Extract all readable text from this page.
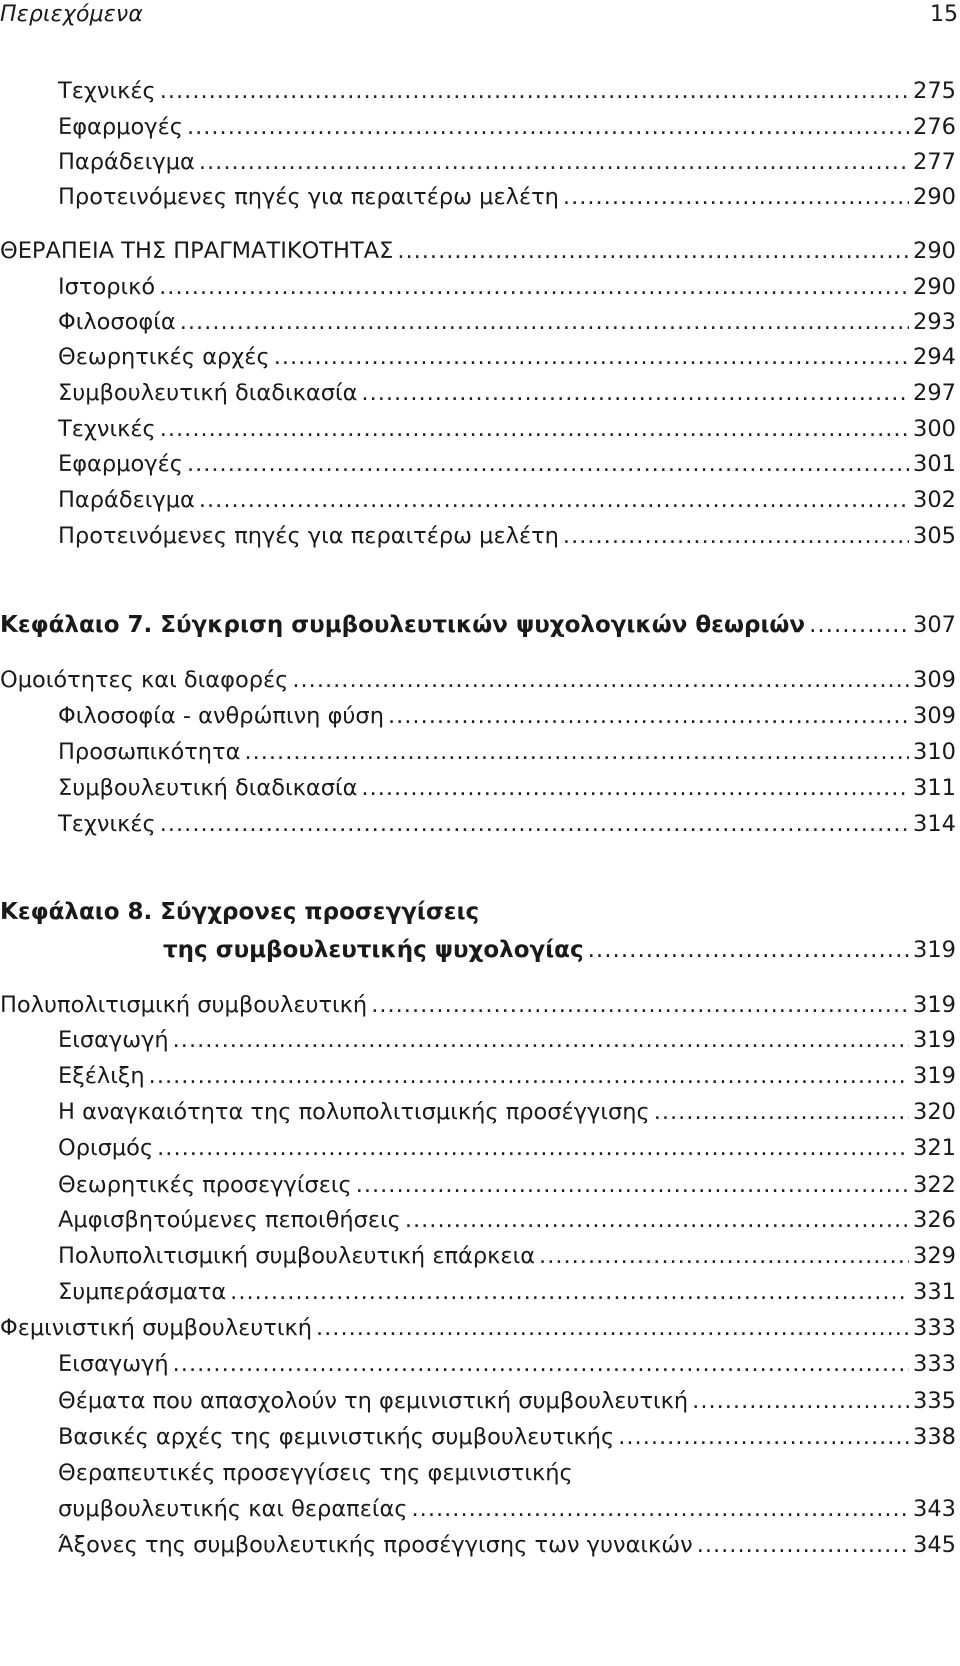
Περιεχόμενα	15
Τεχνικές .....	275
Εφαρμογές .....	276
Παράδειγμα .....	277
Προτεινόμενες πηγές για περαιτέρω μελέτη .....	290
ΘΕΡΑΠΕΙΑ ΤΗΣ ΠΡΑΓΜΑΤΙΚΟΤΗΤΑΣ .....	290
Ιστορικό .....	290
Φιλοσοφία .....	293
Θεωρητικές αρχές .....	294
Συμβουλευτική διαδικασία .....	297
Τεχνικές .....	300
Εφαρμογές .....	301
Παράδειγμα .....	302
Προτεινόμενες πηγές για περαιτέρω μελέτη .....	305
Κεφάλαιο 7. Σύγκριση συμβουλευτικών ψυχολογικών θεωριών .....	307
Ομοιότητες και διαφορές .....	309
Φιλοσοφία - ανθρώπινη φύση .....	309
Προσωπικότητα .....	310
Συμβουλευτική διαδικασία .....	311
Τεχνικές .....	314
Κεφάλαιο 8. Σύγχρονες προσεγγίσεις
της συμβουλευτικής ψυχολογίας .....	319
Πολυπολιτισμική συμβουλευτική .....	319
Εισαγωγή .....	319
Εξέλιξη .....	319
Η αναγκαιότητα της πολυπολιτισμικής προσέγγισης .....	320
Ορισμός .....	321
Θεωρητικές προσεγγίσεις .....	322
Αμφισβητούμενες πεποιθήσεις .....	326
Πολυπολιτισμική συμβουλευτική επάρκεια .....	329
Συμπεράσματα .....	331
Φεμινιστική συμβουλευτική .....	333
Εισαγωγή .....	333
Θέματα που απασχολούν τη φεμινιστική συμβουλευτική .....	335
Βασικές αρχές της φεμινιστικής συμβουλευτικής .....	338
Θεραπευτικές προσεγγίσεις της φεμινιστικής
συμβουλευτικής και θεραπείας .....	343
Άξονες της συμβουλευτικής προσέγγισης των γυναικών .....	345
